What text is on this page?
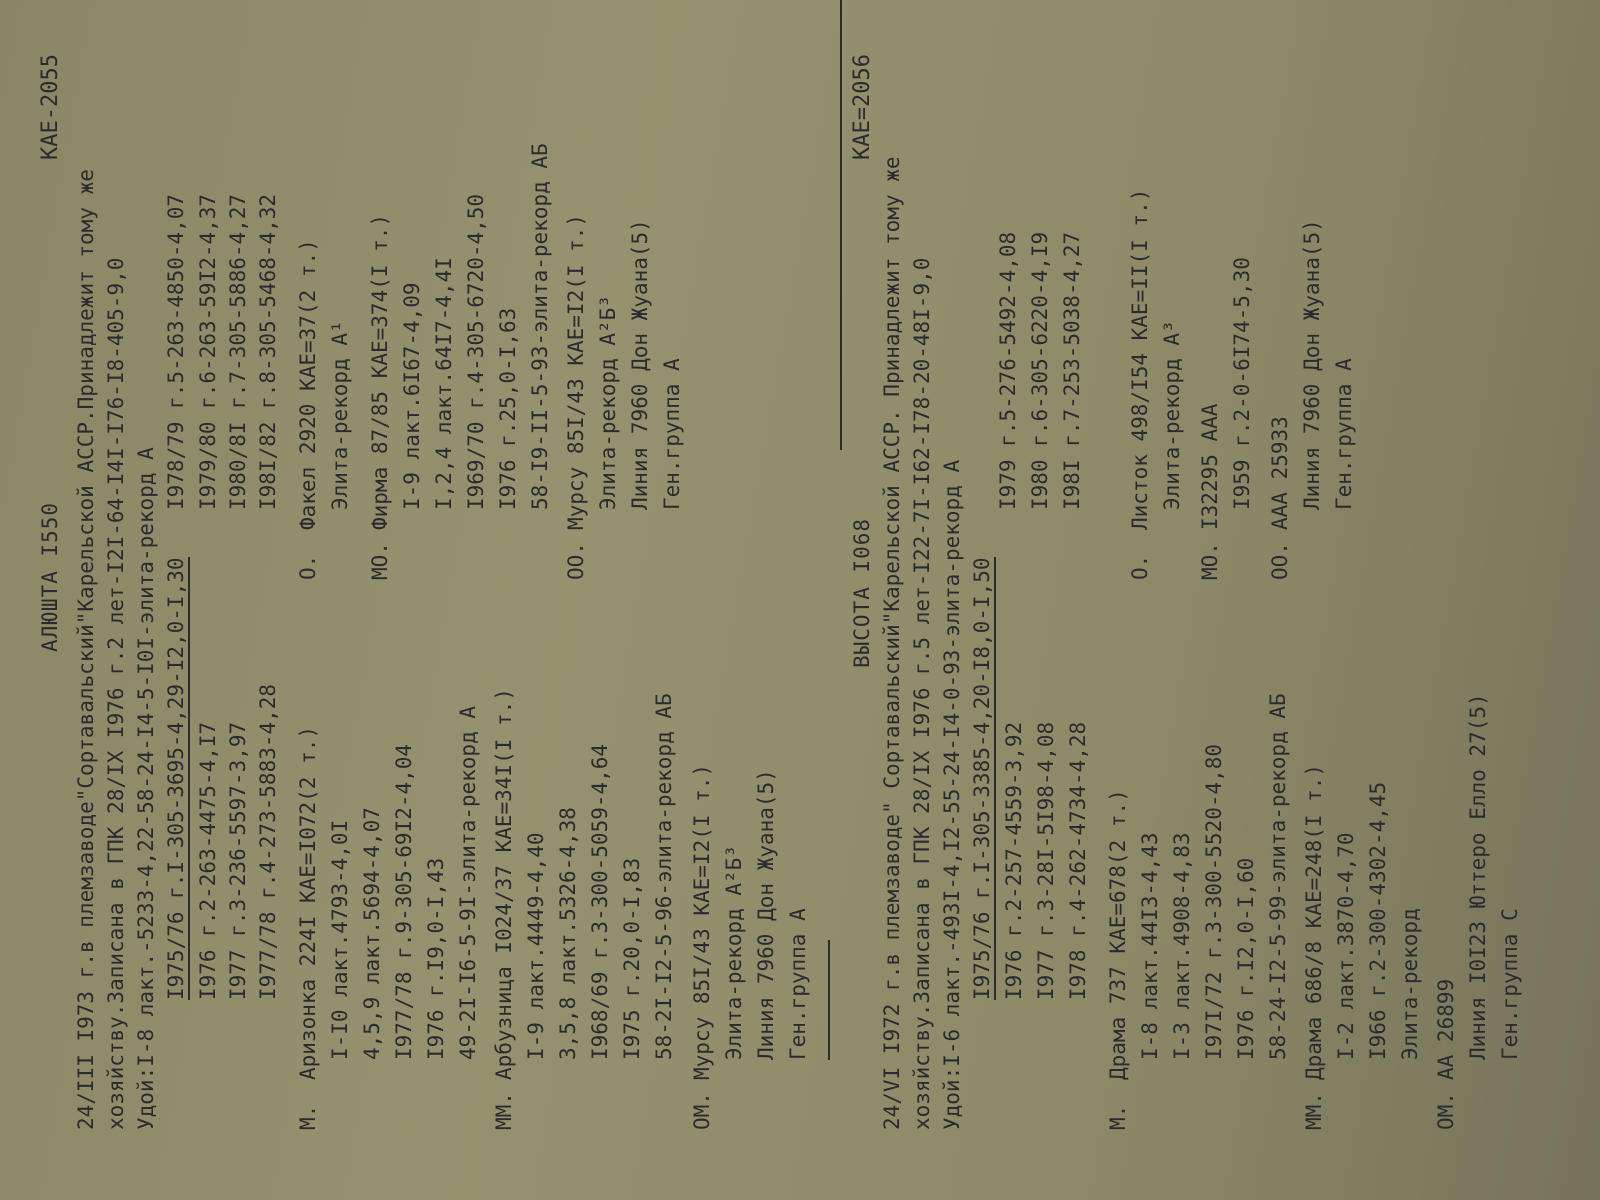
АЛЮШТА I550
КАЕ-2055
24/III I973 г.в племзаводе"Сортавальский"Карельской АССР.Принадлежит тому же хозяйству.Записана в ГПК 28/IX I976 г.2 лет-I2I-64-I4I-I76-I8-405-9,0 Удой:I-8 лакт.-5233-4,22-58-24-I4-5-I0I-элита-рекорд А I975/76 г.I-305-3695-4,29-I2,0-I,30 I976 г.2-263-4475-4,I7 I977 г.3-236-5597-3,97 I977/78 г.4-273-5883-4,28
I978/79 г.5-263-4850-4,07 I979/80 г.6-263-59I2-4,37 I980/8I г.7-305-5886-4,27 I98I/82 г.8-305-5468-4,32
М.
Аризонка 224I КАЕ=I072(2 т.) I-I0 лакт.4793-4,0I 4,5,9 лакт.5694-4,07 I977/78 г.9-305-69I2-4,04 I976 г.I9,0-I,43 49-2I-I6-5-9I-элита-рекорд А
ММ.
Арбузница I024/37 КАЕ=34I(I т.) I-9 лакт.4449-4,40 3,5,8 лакт.5326-4,38 I968/69 г.3-300-5059-4,64 I975 г.20,0-I,83 58-2I-I2-5-96-элита-рекорд АБ
ОМ.
Мурсу 85I/43 КАЕ=I2(I т.) Элита-рекорд А²Б³ Линия 7960 Дон Жуана(5) Ген.группа А
О.
Факел 2920 КАЕ=37(2 т.) Элита-рекорд А¹
МО.
Фирма 87/85 КАЕ=374(I т.) I-9 лакт.6I67-4,09 I,2,4 лакт.64I7-4,4I I969/70 г.4-305-6720-4,50 I976 г.25,0-I,63 58-I9-II-5-93-элита-рекорд АБ
ОО.
Мурсу 85I/43 КАЕ=I2(I т.) Элита-рекорд А²Б³ Линия 7960 Дон Жуана(5) Ген.группа А
ВЫСОТА I068
КАЕ=2056
24/VI I972 г.в племзаводе" Сортавальский"Карельской АССР. Принадлежит тому же хозяйству.Записана в ГПК 28/IX I976 г.5 лет-I22-7I-I62-I78-20-48I-9,0 Удой:I-6 лакт.-493I-4,I2-55-24-I4-0-93-элита-рекорд А I975/76 г.I-305-3385-4,20-I8,0-I,50 I976 г.2-257-4559-3,92 I977 г.3-28I-5I98-4,08 I978 г.4-262-4734-4,28
I979 г.5-276-5492-4,08 I980 г.6-305-6220-4,I9 I98I г.7-253-5038-4,27
М.
Драма 737 КАЕ=678(2 т.) I-8 лакт.44I3-4,43 I-3 лакт.4908-4,83 I97I/72 г.3-300-5520-4,80 I976 г.I2,0-I,60 58-24-I2-5-99-элита-рекорд АБ
ММ.
Драма 686/8 КАЕ=248(I т.) I-2 лакт.3870-4,70 I966 г.2-300-4302-4,45 Элита-рекорд
ОМ.
АА 26899 Линия I0I23 Юттеро Елло 27(5) Ген.группа С
О.
Листок 498/I54 КАЕ=II(I т.) Элита-рекорд А³
МО.
I32295 ААА I959 г.2-0-6I74-5,30
ОО.
ААА 25933 Линия 7960 Дон Жуана(5) Ген.группа А
